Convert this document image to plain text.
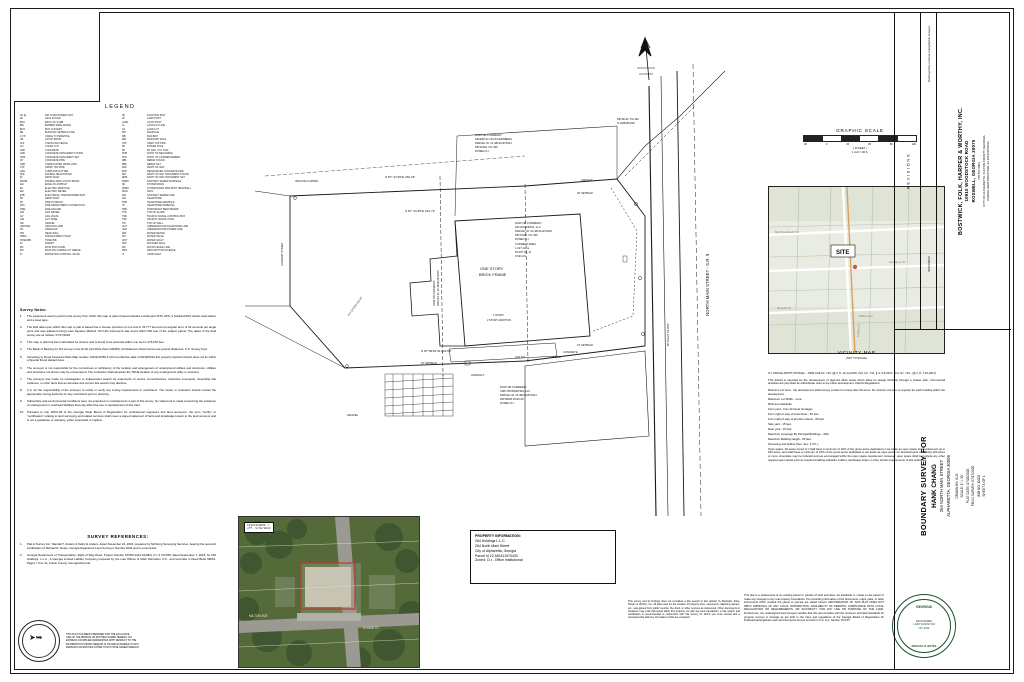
LEGEND
AC @	AIR CONDITIONER UNIT
AF	AXLE FOUND
BOC	BACK OF CURB
BW	BARBED WIRE FENCE
BOX	BOX CULVERT
BE	BUILDING SETBACK LINE
C.T.P.	CABLE TV PEDESTAL
CB	CATCH BASIN
CLF	CHAIN LINK FENCE
CO	CLEAN OUT
CMF	CONCRETE
CMF	CONCRETE MONUMENT FOUND
CMS	CONCRETE MONUMENT SET
CP	CONCRETE PIPE
CMP	CORRUGATED METAL PIPE
CTP	CRIMP TOP PIPE
C&G	CURB AND GUTTER
DHF	DOUBLE HEAD FOUND
DI	DROP INLET
DWCB	DOUBLE WING CATCH BASIN
E/A	EDGE OF ASPHALT
EC	ELECTRIC MANHOLE
EM	ELECTRIC METER
ETB	ELECTRICAL TRANSFORMER BOX
DP	DROP INLET
FH	FIRE HYDRANT
FDC	FIRE DEPARTMENT CONNECTION
FIRE	FIRE ESCAPE
GM	GAS METER
GV	GAS VALVE
GW	GUY WIRE
GR	GRAVEL
GROUND	GROUND LAMP
HC	HANDICAP
HW	HEAD WALL
HDES	HODGES BRICK INLET
HOSE BIB	HOSE BIB
IN	INVERT
IPF	IRON PIN FOUND
IPS	IRON PIN CAPPED 1/2" REBAR
IC	IRRIGATION CONTROL VALVE
JB	JUNCTION BOX
LP	LAMP POST
LAND	LIGHT POST
LL	LAND LOT LINE
LN	LAND LOT
MH	MANHOLE
MB	MAILBOX
MW	MASONRY WALL
OTP	OPEN TOP PIPE
PP	POWER POLE
PK	PK NAIL / P.K. NAIL
POB	POINT OF BEGINNING
POC	POINT OF COMMENCEMENT
RBF	REBAR FOUND
RBS	REBAR SET
R/W	RIGHT-OF-WAY
RCP	REINFORCED CONCRETE PIPE
RM	RIGHT OF WAY MONUMENT FOUND
RMS	RIGHT OF WAY MONUMENT SET
SSMH	SANITARY SEWER MANHOLE
SD	STORM DRAIN
SDMH	STORM DRAIN PIPE WITH HEADWALL
SIGN	SIGN
SSL	SANITARY SEWER LINE
TEL	TELEPHONE
TMH	TELEPHONE MANHOLE
TP	TELEPHONE PEDESTAL
TBM	TEMPORARY BENCHMARK
TOS	TOP OF SLOPE
TSB	TRAFFIC SIGNAL CONTROL BOX
TSP	TRAFFIC SIGNAL POLE
TW	TOP OF WALL
UGT	UNDERGROUND TELEPHONE LINE
UGP	UNDERGROUND POWER LINE
WM	WATER METER
WV	WATER VALVE
WVT	WATER VAULT
WW	WOODEN WALL
WF	WOOD FENCE LINE
WPF	WROUGHT IRON FENCE
YI	YARD INLET
Survey Notes:
1.	The equipment used to perform the survey from which this map or plat is based included a Champion RTK GPS, a Sokkia RSA3 robotic total station and a steel tape.
2.	The field data upon which this map or plat is based has a closure precision of one foot in 33,777 feet and an angular error of 02 seconds per angle point and was adjusted using Least Squares Method. NO H/G instrument was found within 500 feet of the subject parcel. The dates of the field survey are as follows: 07/17/2020.
3.	This map or plat has been calculated for closure and is found to be accurate within one foot in 375,678 feet.
4.	The Basis of Bearing for this survey is the North (GA West Zone NAD83). All distances shown herein are ground distances, U.S. Survey Foot.
5.	According to Flood Insurance Rate Map number 13121C0050 F with an effective date of 09/18/2013 this property depicted herein does not lie within a Special Flood Hazard Area.
6.	The surveyor is not responsible for the correctness or sufficiency of the location and arrangement of underground utilities and structures. Utilities and structures not shown may be encountered. The contractor shall ascertain the TRUE location of any underground utility or structure.
7.	The surveyor has made no investigation or independent search for easements of record, encumbrances, restrictive covenants, ownership title evidence, or other facts that an accurate and current title search may disclose.
8.	It is not the responsibility of the surveyor to certify or verify any zoning requirements or restrictions. The owner or contractor should contact the appropriate zoning authority for any restrictions prior to planning.
9.	Subsurface and environmental conditions were not examined or considered as a part of this survey. No statement is made concerning the existence of underground or overhead facilities that may affect the use or development of this tract.
10.	Pursuant to rule 180-6-09 of the Georgia State Board of Registration for professional engineers and land surveyors, the term "certify" or "certification" relating to land surveying and related services shall mean a signed statement of facts and knowledge known to the land surveyor and is not a guarantee or warranty, either expressed or implied.
SURVEY REFERENCES:
1.	Plat of Survey For: Randall T. Anders & Kathy E Anders, dated November 24, 2004, prepared by McClung Surveying Services, bearing the seal and certification of Michael R. Notes, Georgia Registered Land Surveyor Number 2646 and is unrecorded.
2.	Georgia Department of Transportation, Right of Way Deed, Project Number STP00-0114-01(084), P.I. # 721780, dated September 7, 2018, for 264 Holdings, L.L.C., A Georgia Limited Liability Company prepared by the Law Offices of Mark Weinstein, P.C., and recorded in Deed Book 59051, Pages 7 thru 12, Fulton County, Georgia Records.
➤➥	THIS PLAT HAS BEEN PREPARED FOR THE EXCLUSIVE
USE OF THE PERSON OR ENTITIES NAMED HEREON. NO
EXPRESS OR IMPLIED WARRANTIES WITH RESPECT TO THE
INFORMATION SHOWN HEREON IS OR ARE EXTENDED TO ANY
PERSONS OR ENTITIES OTHER THAN THOSE NAMED HEREON.
S 87° 31'26"E 236.26'
S 87° 31'35"E 223.72'
N 87°06'40"W 232.63'
232.63'	231.83'
ONE STORY
BRICK FRAME
1 STORY
2 STORY ADDITION
ASPHALT
CONCRETE
ASPHALT
GRAVEL
NOW OR FORMERLY
KENNETH LOUIS FERNBERG
PARCEL ID: 22 481411970341
DB 50162, PG 466
ZONED O-I
NOW OR FORMERLY
264 HOLDINGS, LLC
PARCEL ID: 22 481411970433
DB 50162, PG 466
ZONED O-I
CURRENT AREA
1.227 Acres
53,457 Sq. Ft.
0.534 AC.
NOW OR FORMERLY
CMP PROPERTIES, LLC
PARCEL ID: 22 481411970441
DB 58638 PG25-26
ZONED O-I
IRON PIN CAPPED
30' SETBACK
15' SETBACK
15' SETBACK
NORTH MAIN STREET - S.R. 9
80' RIGHT OF WAY
NOW OR FORMERLY PARCEL ID: 22 481411970259
N 1°12'29"E 221.87'
ACADEMY STREET
DB 56142, PG 466
N 1485260.802
GRAPHIC SCALE
30	0	15	30	60	120
( IN FEET )
1 inch = 30 ft.
Mid Broadwell Rd
Academy St
Milton Ave
N Main St
Roswell St
SITE
VICINITY MAP
(NOT TO SCALE)
O-I OFFICE-INSTITUTIONAL -- PER CH# Art. 719: §§ 3. 8, 12-14-2015; Ord. No. 741, § 4, 6-5-2017; Ord. No. 744 , §§ 2, 8, 7-10-2017)
This district is intended for the development of planned office areas which allow for design flexibility through a master plan. Commercial activities are permitted as subordinate uses to the office development. District Regulations:
Minimum Lot Area - the development shall occupy a total of not less than 25 acres. No minimum lot size is required for each building within the development.
Maximum Lot Width - none.
Minimum Setbacks:
Front yard - from all street frontages
From right-of-way of local street - 50 feet.
From right-of-way of all other streets - 65 feet.
Side yard - 15 feet.
Rear yard - 15 feet.
Maximum Coverage By Principal Buildings - 40%.
Maximum Building Height - 60 feet.
Screening and buffers (Sec. Sec. 2.3.5.);
Open space. All areas zoned O-I shall have a minimum of 10% of the gross acres dedicated or set aside as open space for development up to 150 acres, and shall have a minimum of 15% of the gross acres dedicated or set aside as open space for developments containing 100 acres or more. Amenities may be included and are encouraged within the open space requirement. However, open space shall not include any other required open areas such as required building setbacks, buffers, landscape strips or other similar requirements of this ordinance.
N MAIN ST
MILTON AVE
131213C0050 J
eff. 9/18/2013
PROPERTY INFORMATION:
264 Holdings L.L.C.
264 North Main Street
City of Alpharetta, Georgia
Parcel Id 22 481411970433
Zoned: O-I - Office Institutional
This survey and its findings does not constitute a title search or title opinion by Bostwick, Zuke, Harper & Worthy, Inc. All data used for the location of property lines, easements, adjoining owners, etc., was gained from public records, the client, or other sources as referenced. Other documents or situations may exist that would affect this property. As with any land transaction, a title search and certification is recommended in conjunction with this survey, for which you must consult with a competent title attorney. All matters of title are excepted.
This plat is a retracement of an existing parcel or parcels of land and does not subdivide or create a new parcel or make any changes to any real property boundaries. The recording information of the documents, maps, plats, or other instruments which created the parcel or parcels are stated hereon. RECORDATION OF THIS PLAT DOES NOT IMPLY APPROVAL OF ANY LOCAL JURISDICTION, AVAILABILITY OF PERMITS, COMPLIANCE WITH LOCAL REGULATIONS OR REQUIREMENTS, OR SUITABILITY FOR ANY USE OR PURPOSE OF THE LAND. Furthermore, the undersigned land surveyor certifies that this plat complies with the minimum technical standards for property surveys in Georgia as set forth in the rules and regulations of the Georgia Board of Registration for Professional Engineers and Land Surveyors and as set forth in O.C.G.A. Section 15-6-67.
GEORGIA
REGISTERED
LAND SURVEYOR
NO. 2646
MICHAEL R. NOTES
REVISIONS
Destroyed by contour topographic surveys
08/13/2020
BOSTWICK, FOLK, HARPER & WORTHY, INC. 10910 WOODSTOCK ROAD ROSWELL, GEORGIA 30075 770.552.6804 CITY OF ALPHARETTA, FULTON COUNTY, GEORGIA PARCEL IDENTIFICATION: 22 481411970433
BOUNDARY SURVEY FOR HANK CHANG 264 NORTH MAIN STREET ALPHARETTA, GEORGIA 30009	DRAWN BY: KLG SCALE: 1" = 30' PLAT DATE: 07/20/2020 FIELD SURVEY: 07/17/2020 JOB NO: 11002 SHEET 1 OF 1
